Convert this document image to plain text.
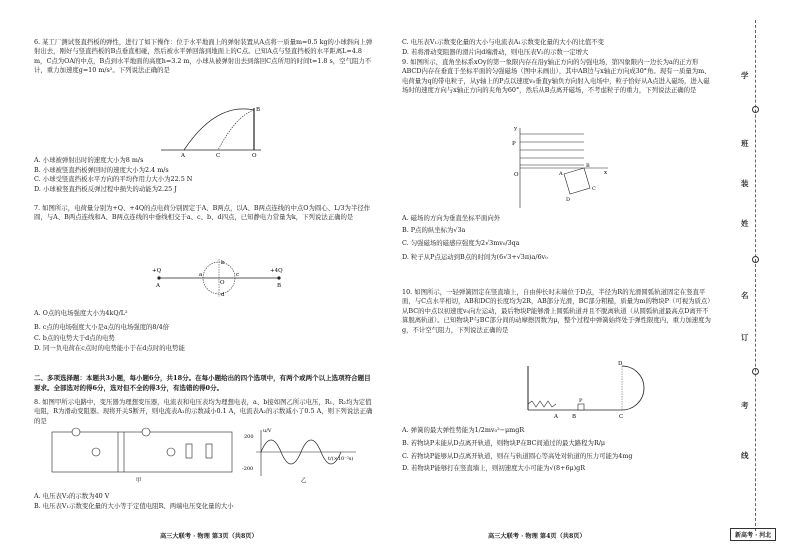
6. 某工厂测试竖直挡板的弹性，进行了如下操作：位于水平地面上的弹射装置从A点将一质量m=0.5 kg的小球斜向上弹射出去，刚好与竖直挡板的B点垂直相碰，然后被水平弹回落到地面上的C点。已知A点与竖直挡板的水平距离L=4.8 m，C点为OA的中点，B点到水平地面的高度h=3.2 m，小球从被弹射出去到落回C点所用的时间t=1.8 s，空气阻力不计，重力加速度g=10 m/s²。下列说法正确的是

A
B
C	O

A. 小球被弹射出时的速度大小为8 m/s

B. 小球被竖直挡板弹回时的速度大小为2.4 m/s

C. 小球受竖直挡板水平方向的平均作用力大小为22.5 N

D. 小球被竖直挡板反弹过程中损失的动能为2.25 J

7. 如图所示，电荷量分别为+Q、+4Q的点电荷分别固定于A、B两点，以A、B两点连线的中点O为圆心、L/3为半径作圆，与A、B两点连线和A、B两点连线的中垂线相交于a、c、b、d四点，已知静电力常量为k，下列说法正确的是

+Q	+4Q
A	B
a	c
b
d
O

A. O点的电场强度大小为4kQ/L²

B. c点的电场强度大小是a点的电场强度的8/4倍

C. b点的电势大于d点的电势

D. 同一负电荷在c点时的电势能小于在d点时的电势能

二、多项选择题：本题共3小题，每小题6分，共18分。在每小题给出的四个选项中，有两个或两个以上选项符合题目要求。全部选对的得6分，选对但不全的得3分，有选错的得0分。

8. 如图甲所示电路中，变压器为理想变压器，电流表和电压表均为理想电表，a、b接如图乙所示电压，R₁、R₂均为定值电阻，R为滑动变阻器。现将开关S断开，则电流表A₁的示数减小0.1 A，电流表A₂的示数减小了0.5 A，则下列说法正确的是

甲
u/V
200
-200
t/(×10⁻²s)
乙

A. 电压表V₂的示数为40 V

B. 电压表V₁示数变化量的大小等于定值电阻R、两端电压变化量的大小

高三大联考 · 物理 第3页（共8页）

C. 电压表V₁示数变化量的大小与电流表A₁示数变化量的大小的比值不变

D. 若将滑动变阻器的滑片向d端滑动，则电压表V₂的示数一定增大

9. 如图所示，直角坐标系xOy的第一象限内存在沿y轴正方向的匀强电场，第四象限内一边长为a的正方形ABCD内存在垂直于坐标平面的匀强磁场（图中未画出），其中AB边与x轴正方向成30°角。现有一质量为m、电荷量为q的带电粒子，从y轴上的P点以速度v₀垂直y轴负方向射入电场中，粒子恰好从A点进入磁场，进入磁场时的速度方向与x轴正方向的夹角为60°，然后从B点离开磁场，不考虑粒子的重力，下列说法正确的是

y
x
P
O	A
B
C
D

A. 磁场的方向为垂直坐标平面向外

B. P点的纵坐标为√3a

C. 匀强磁场的磁感应强度为2√3mv₀/3qa

D. 粒子从P点运动到B点的时间为(6√3+√3π)a/6v₀

10. 如图所示，一轻弹簧固定在竖直墙上，自由伸长时末端位于D点，半径为R的光滑圆弧轨道固定在竖直平面，与C点水平相切，AB和DC的长度均为2R，AB部分光滑，BC部分粗糙，质量为m的物块P（可视为质点）从BC的中点以初速度v₀向左运动，最后物块P能够滑上圆弧轨道并且不脱离轨道（从圆弧轨道最高点D离开不算脱离轨道）。已知物块P与BC部分间的动摩擦因数为μ，整个过程中弹簧始终处于弹性限度内，重力加速度为g，不计空气阻力，下列说法正确的是

A	B	C
D
P

A. 弹簧的最大弹性势能为1/2mv₀²−μmgR

B. 若物块P未能从D点离开轨道，则物块P在BC间通过的最大路程为R/μ

C. 若物块P能够从D点离开轨道，则在与轨道圆心等高处对轨道的压力可能为4mg

D. 若物块P能够打在竖直墙上，则初速度大小可能为√(8+6μ)gR

高三大联考 · 物理 第4页（共8页）
学
班
装
姓
名
订
考
线
新高考 · 河北
